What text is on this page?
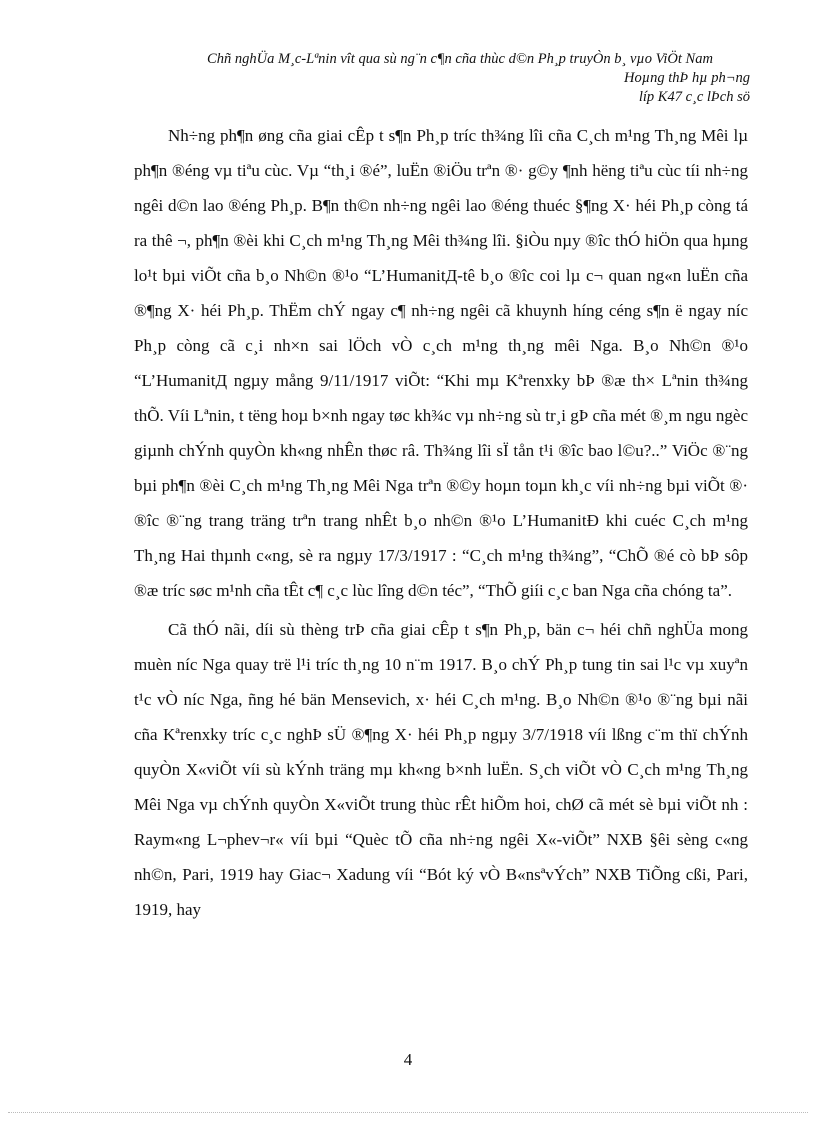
Chñ nghÜa M¸c-Lªnin vît qua sù ng¨n c¶n cña thùc d©n Ph¸p truyÒn b¸ vµo ViÖt Nam
Hoµng thÞ hµ ph¬ng
líp K47 c¸c lÞch sö

Nh÷ng ph¶n øng cña giai cÊp t s¶n Ph¸p tríc th¾ng lîi cña C¸ch m¹ng Th¸ng Mêi lµ ph¶n ®éng vµ tiªu cùc. Vµ “th¸i ®é”, luËn ®iÖu trªn ®· g©y ¶nh hëng tiªu cùc tíi nh÷ng ngêi d©n lao ®éng Ph¸p. B¶n th©n nh÷ng ngêi lao ®éng thuéc §¶ng X· héi Ph¸p còng tá ra thê ¬, ph¶n ®èi khi C¸ch m¹ng Th¸ng Mêi th¾ng lîi. §iÒu nµy ®îc thÓ hiÖn qua hµng lo¹t bµi viÕt cña b¸o Nh©n ®¹o “L’HumanitД-tê b¸o ®îc coi lµ c¬ quan ng«n luËn cña ®¶ng X· héi Ph¸p. ThËm chÝ ngay c¶ nh÷ng ngêi cã khuynh híng céng s¶n ë ngay níc Ph¸p còng cã c¸i nh×n sai lÖch vÒ c¸ch m¹ng th¸ng mêi Nga. B¸o Nh©n ®¹o “L’HumanitД ngµy mång 9/11/1917 viÕt: “Khi mµ Kªrenxky bÞ ®æ th× Lªnin th¾ng thÕ. Víi Lªnin, t tëng hoµ b×nh ngay tøc kh¾c vµ nh÷ng sù tr¸i gÞ cña mét ®¸m ngu ngèc giµnh chÝnh quyÒn kh«ng nhÊn thøc râ. Th¾ng lîi sÏ tån t¹i ®îc bao l©u?..” ViÖc ®¨ng bµi ph¶n ®èi C¸ch m¹ng Th¸ng Mêi Nga trªn ®©y hoµn toµn kh¸c víi nh÷ng bµi viÕt ®· ®îc ®¨ng trang träng trªn trang nhÊt b¸o nh©n ®¹o L’HumanitÐ khi cuéc C¸ch m¹ng Th¸ng Hai thµnh c«ng, sè ra ngµy 17/3/1917 : “C¸ch m¹ng th¾ng”, “ChÕ ®é cò bÞ sôp ®æ tríc søc m¹nh cña tÊt c¶ c¸c lùc lîng d©n téc”, “ThÕ giíi c¸c ban Nga cña chóng ta”.

Cã thÓ nãi, díi sù thèng trÞ cña giai cÊp t s¶n Ph¸p, bän c¬ héi chñ nghÜa mong muèn níc Nga quay trë l¹i tríc th¸ng 10 n¨m 1917. B¸o chÝ Ph¸p tung tin sai l¹c vµ xuyªn t¹c vÒ níc Nga, ñng hé bän Mensevich, x· héi C¸ch m¹ng. B¸o Nh©n ®¹o ®¨ng bµi nãi cña Kªrenxky tríc c¸c nghÞ sÜ ®¶ng X· héi Ph¸p ngµy 3/7/1918 víi lßng c¨m thï chÝnh quyÒn X«viÕt víi sù kÝnh träng mµ kh«ng b×nh luËn. S¸ch viÕt vÒ C¸ch m¹ng Th¸ng Mêi Nga vµ chÝnh quyÒn X«viÕt trung thùc rÊt hiÕm hoi, chØ cã mét sè bµi viÕt nh : Raym«ng L¬phev¬r« víi bµi “Quèc tÕ cña nh÷ng ngêi X«-viÕt” NXB §êi sèng c«ng nh©n, Pari, 1919 hay Giac¬ Xadung víi “Bót ký vÒ B«nsªvÝch” NXB TiÕng cßi, Pari, 1919, hay

4
